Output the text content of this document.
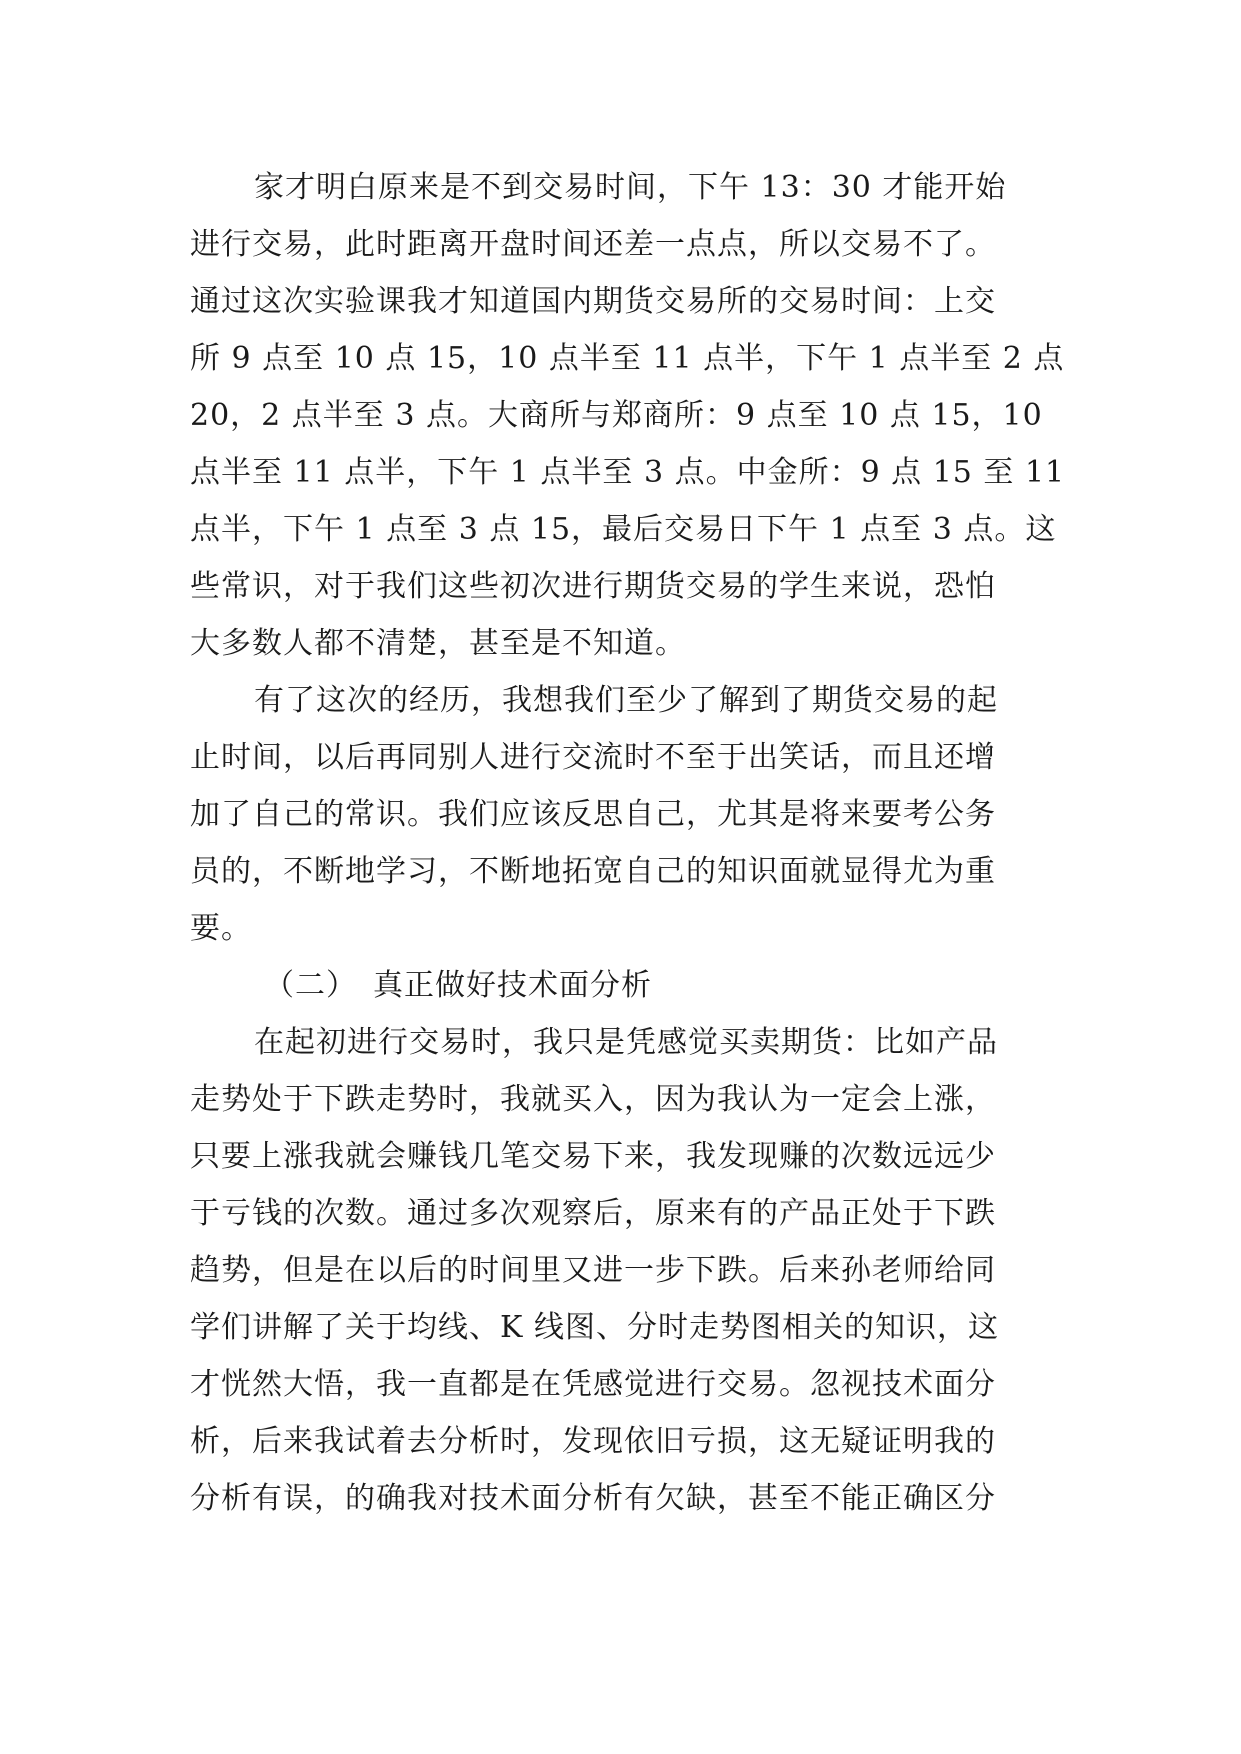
家才明白原来是不到交易时间，下午 13：30 才能开始
进行交易，此时距离开盘时间还差一点点，所以交易不了。
通过这次实验课我才知道国内期货交易所的交易时间：上交
所 9 点至 10 点 15，10 点半至 11 点半，下午 1 点半至 2 点
20，2 点半至 3 点。大商所与郑商所：9 点至 10 点 15，10
点半至 11 点半，下午 1 点半至 3 点。中金所：9 点 15 至 11
点半，下午 1 点至 3 点 15，最后交易日下午 1 点至 3 点。这
些常识，对于我们这些初次进行期货交易的学生来说，恐怕
大多数人都不清楚，甚至是不知道。
有了这次的经历，我想我们至少了解到了期货交易的起
止时间，以后再同别人进行交流时不至于出笑话，而且还增
加了自己的常识。我们应该反思自己，尤其是将来要考公务
员的，不断地学习，不断地拓宽自己的知识面就显得尤为重
要。
（二）　真正做好技术面分析
在起初进行交易时，我只是凭感觉买卖期货：比如产品
走势处于下跌走势时，我就买入，因为我认为一定会上涨，
只要上涨我就会赚钱几笔交易下来，我发现赚的次数远远少
于亏钱的次数。通过多次观察后，原来有的产品正处于下跌
趋势，但是在以后的时间里又进一步下跌。后来孙老师给同
学们讲解了关于均线、K 线图、分时走势图相关的知识，这
才恍然大悟，我一直都是在凭感觉进行交易。忽视技术面分
析，后来我试着去分析时，发现依旧亏损，这无疑证明我的
分析有误，的确我对技术面分析有欠缺，甚至不能正确区分
